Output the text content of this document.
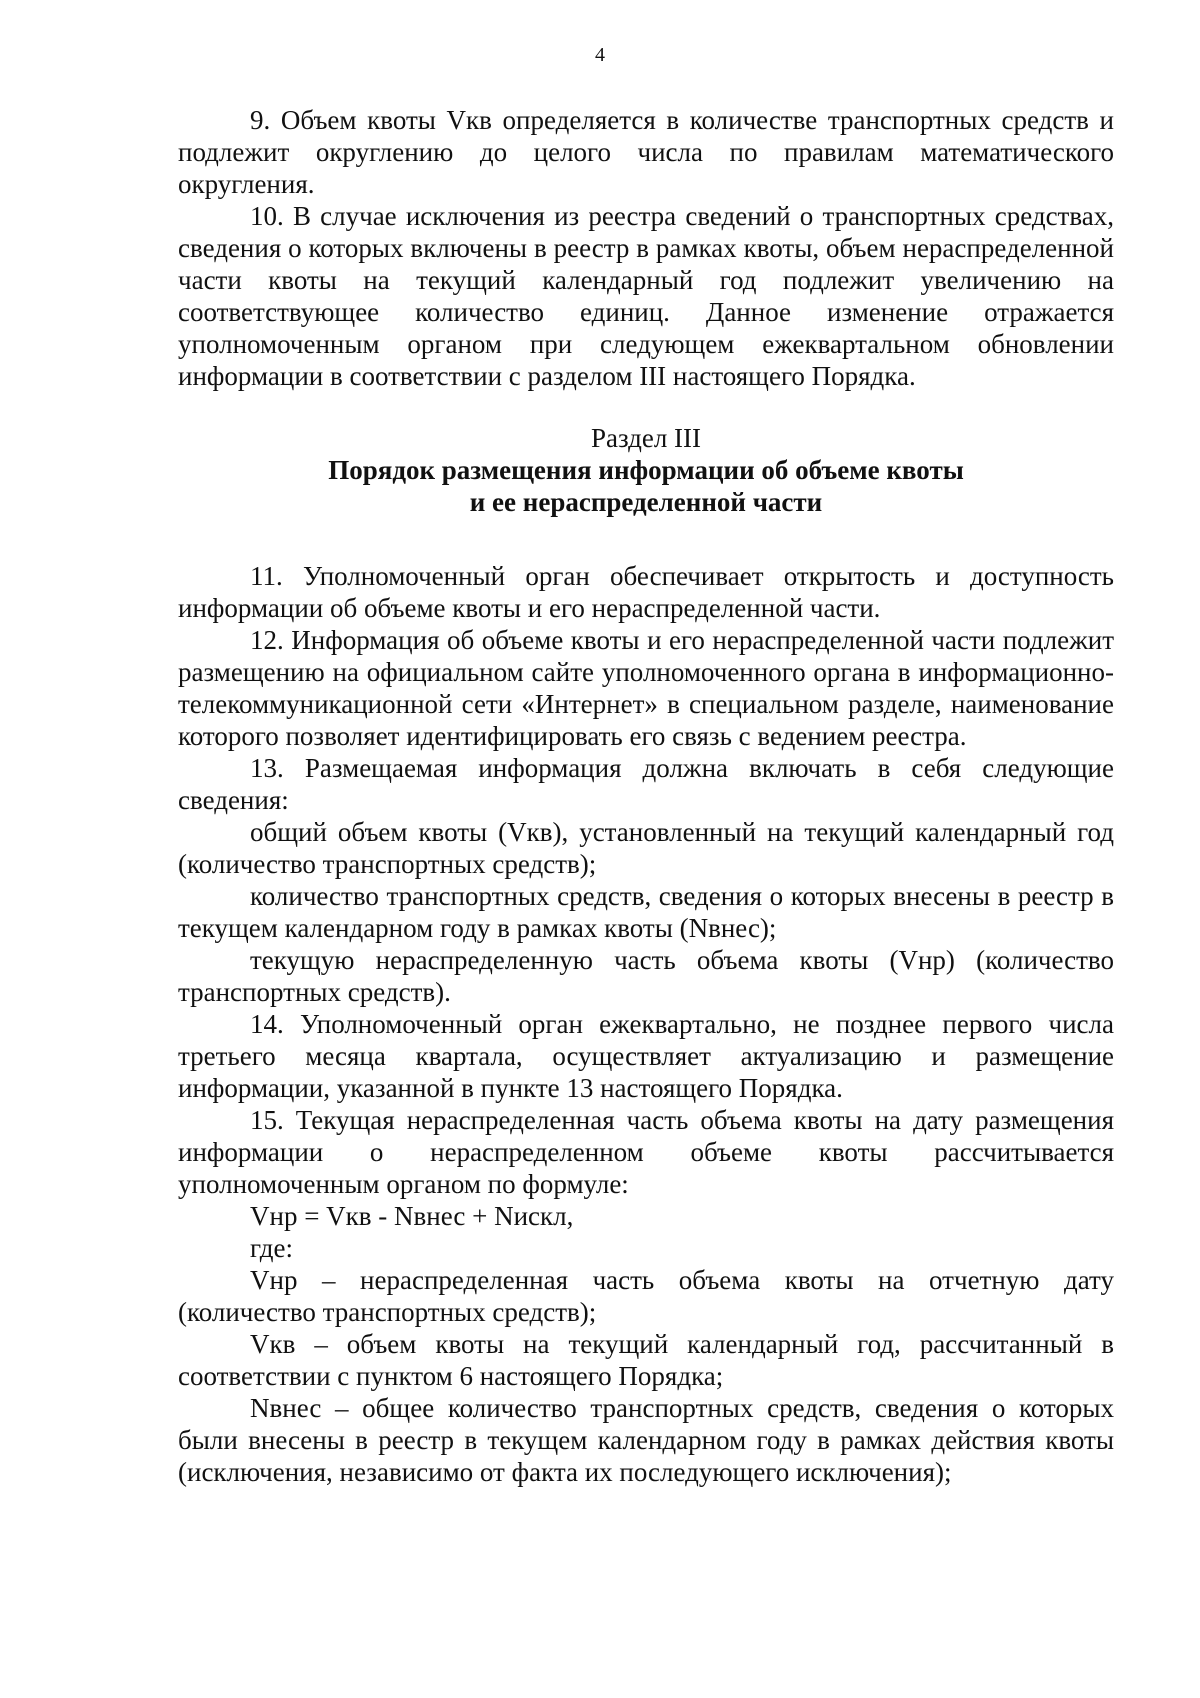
4

9. Объем квоты Vкв определяется в количестве транспортных средств и подлежит округлению до целого числа по правилам математического округления.

10. В случае исключения из реестра сведений о транспортных средствах, сведения о которых включены в реестр в рамках квоты, объем нераспределенной части квоты на текущий календарный год подлежит увеличению на соответствующее количество единиц. Данное изменение отражается уполномоченным органом при следующем ежеквартальном обновлении информации в соответствии с разделом III настоящего Порядка.

Раздел III
Порядок размещения информации об объеме квоты
и ее нераспределенной части

11. Уполномоченный орган обеспечивает открытость и доступность информации об объеме квоты и его нераспределенной части.

12. Информация об объеме квоты и его нераспределенной части подлежит размещению на официальном сайте уполномоченного органа в информационно-телекоммуникационной сети «Интернет» в специальном разделе, наименование которого позволяет идентифицировать его связь с ведением реестра.

13. Размещаемая информация должна включать в себя следующие сведения:

общий объем квоты (Vкв), установленный на текущий календарный год (количество транспортных средств);

количество транспортных средств, сведения о которых внесены в реестр в текущем календарном году в рамках квоты (Nвнес);

текущую нераспределенную часть объема квоты (Vнр) (количество транспортных средств).

14. Уполномоченный орган ежеквартально, не позднее первого числа третьего месяца квартала, осуществляет актуализацию и размещение информации, указанной в пункте 13 настоящего Порядка.

15. Текущая нераспределенная часть объема квоты на дату размещения информации о нераспределенном объеме квоты рассчитывается уполномоченным органом по формуле:

Vнр = Vкв - Nвнес + Nискл,

где:

Vнр – нераспределенная часть объема квоты на отчетную дату (количество транспортных средств);

Vкв – объем квоты на текущий календарный год, рассчитанный в соответствии с пунктом 6 настоящего Порядка;

Nвнес – общее количество транспортных средств, сведения о которых были внесены в реестр в текущем календарном году в рамках действия квоты (исключения, независимо от факта их последующего исключения);
